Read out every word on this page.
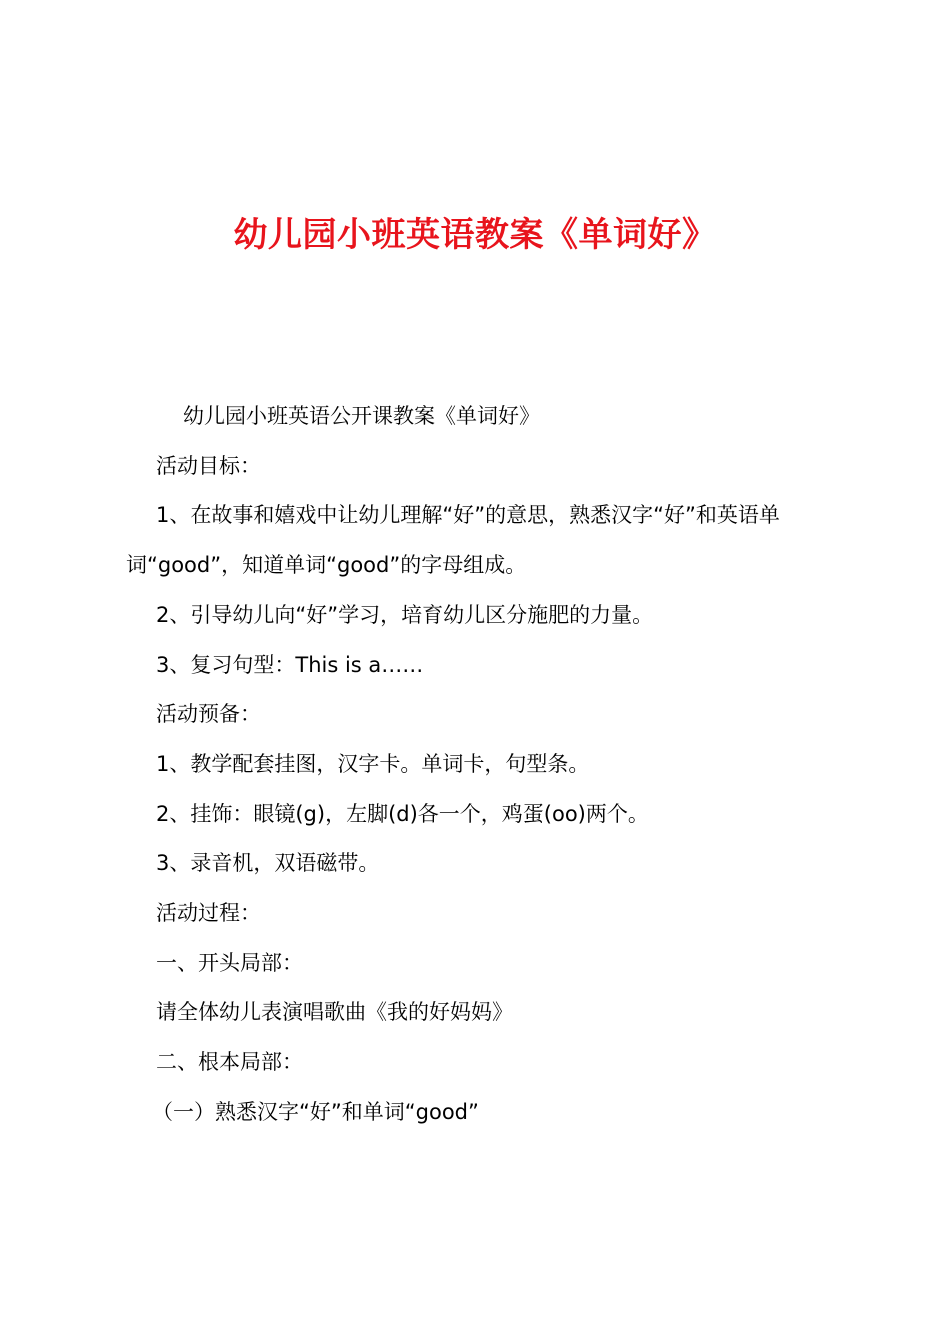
幼儿园小班英语教案《单词好》

幼儿园小班英语公开课教案《单词好》

活动目标：

1、在故事和嬉戏中让幼儿理解“好”的意思，熟悉汉字“好”和英语单词“good”，知道单词“good”的字母组成。

2、引导幼儿向“好”学习，培育幼儿区分施肥的力量。

3、复习句型：This is a……

活动预备：

1、教学配套挂图，汉字卡。单词卡，句型条。

2、挂饰：眼镜(g)，左脚(d)各一个，鸡蛋(oo)两个。

3、录音机，双语磁带。

活动过程：

一、开头局部：

请全体幼儿表演唱歌曲《我的好妈妈》

二、根本局部：

（一）熟悉汉字“好”和单词“good”
